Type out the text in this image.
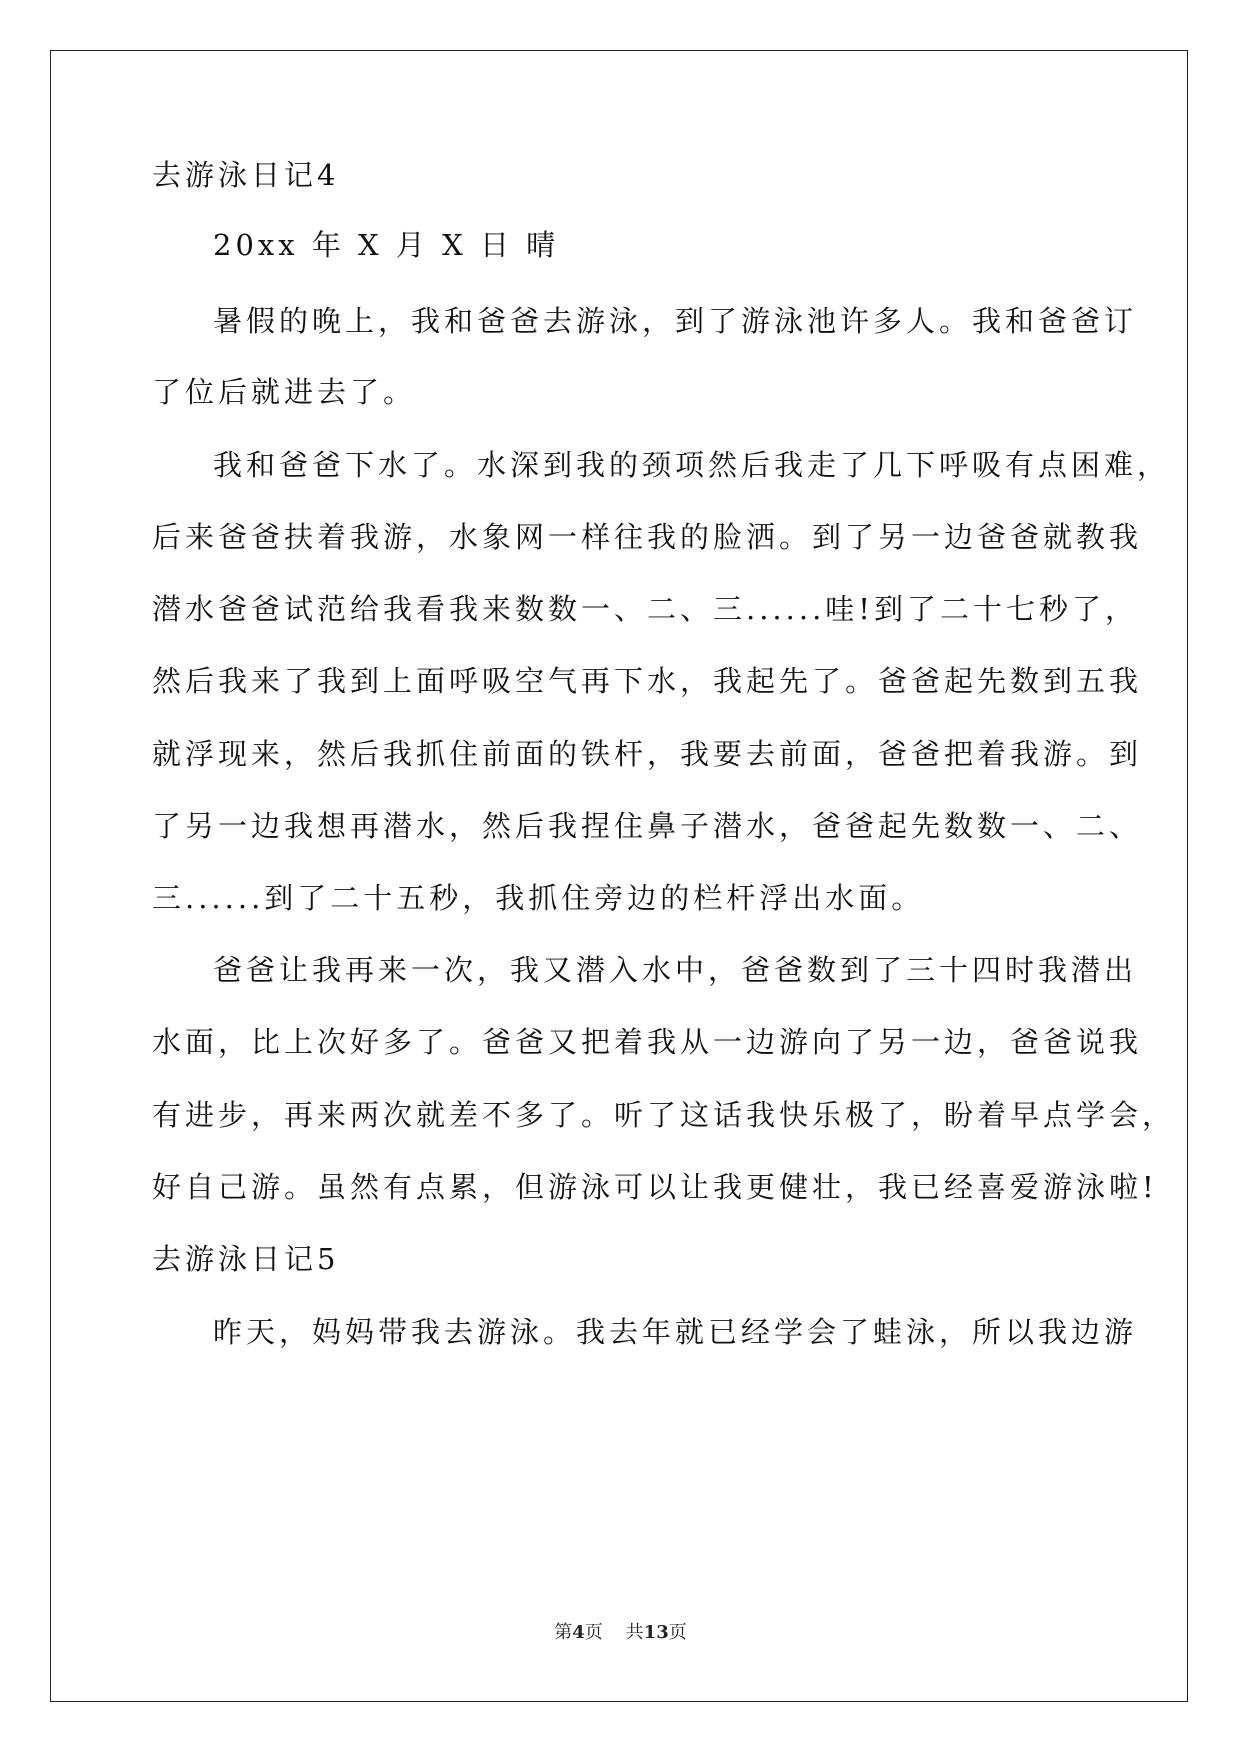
去游泳日记4
20xx 年 X 月 X 日 晴
暑假的晚上，我和爸爸去游泳，到了游泳池许多人。我和爸爸订
了位后就进去了。
我和爸爸下水了。水深到我的颈项然后我走了几下呼吸有点困难，
后来爸爸扶着我游，水象网一样往我的脸洒。到了另一边爸爸就教我
潜水爸爸试范给我看我来数数一、二、三......哇!到了二十七秒了，
然后我来了我到上面呼吸空气再下水，我起先了。爸爸起先数到五我
就浮现来，然后我抓住前面的铁杆，我要去前面，爸爸把着我游。到
了另一边我想再潜水，然后我捏住鼻子潜水，爸爸起先数数一、二、
三......到了二十五秒，我抓住旁边的栏杆浮出水面。
爸爸让我再来一次，我又潜入水中，爸爸数到了三十四时我潜出
水面，比上次好多了。爸爸又把着我从一边游向了另一边，爸爸说我
有进步，再来两次就差不多了。听了这话我快乐极了，盼着早点学会，
好自己游。虽然有点累，但游泳可以让我更健壮，我已经喜爱游泳啦!
去游泳日记5
昨天，妈妈带我去游泳。我去年就已经学会了蛙泳，所以我边游
第4页 共13页
